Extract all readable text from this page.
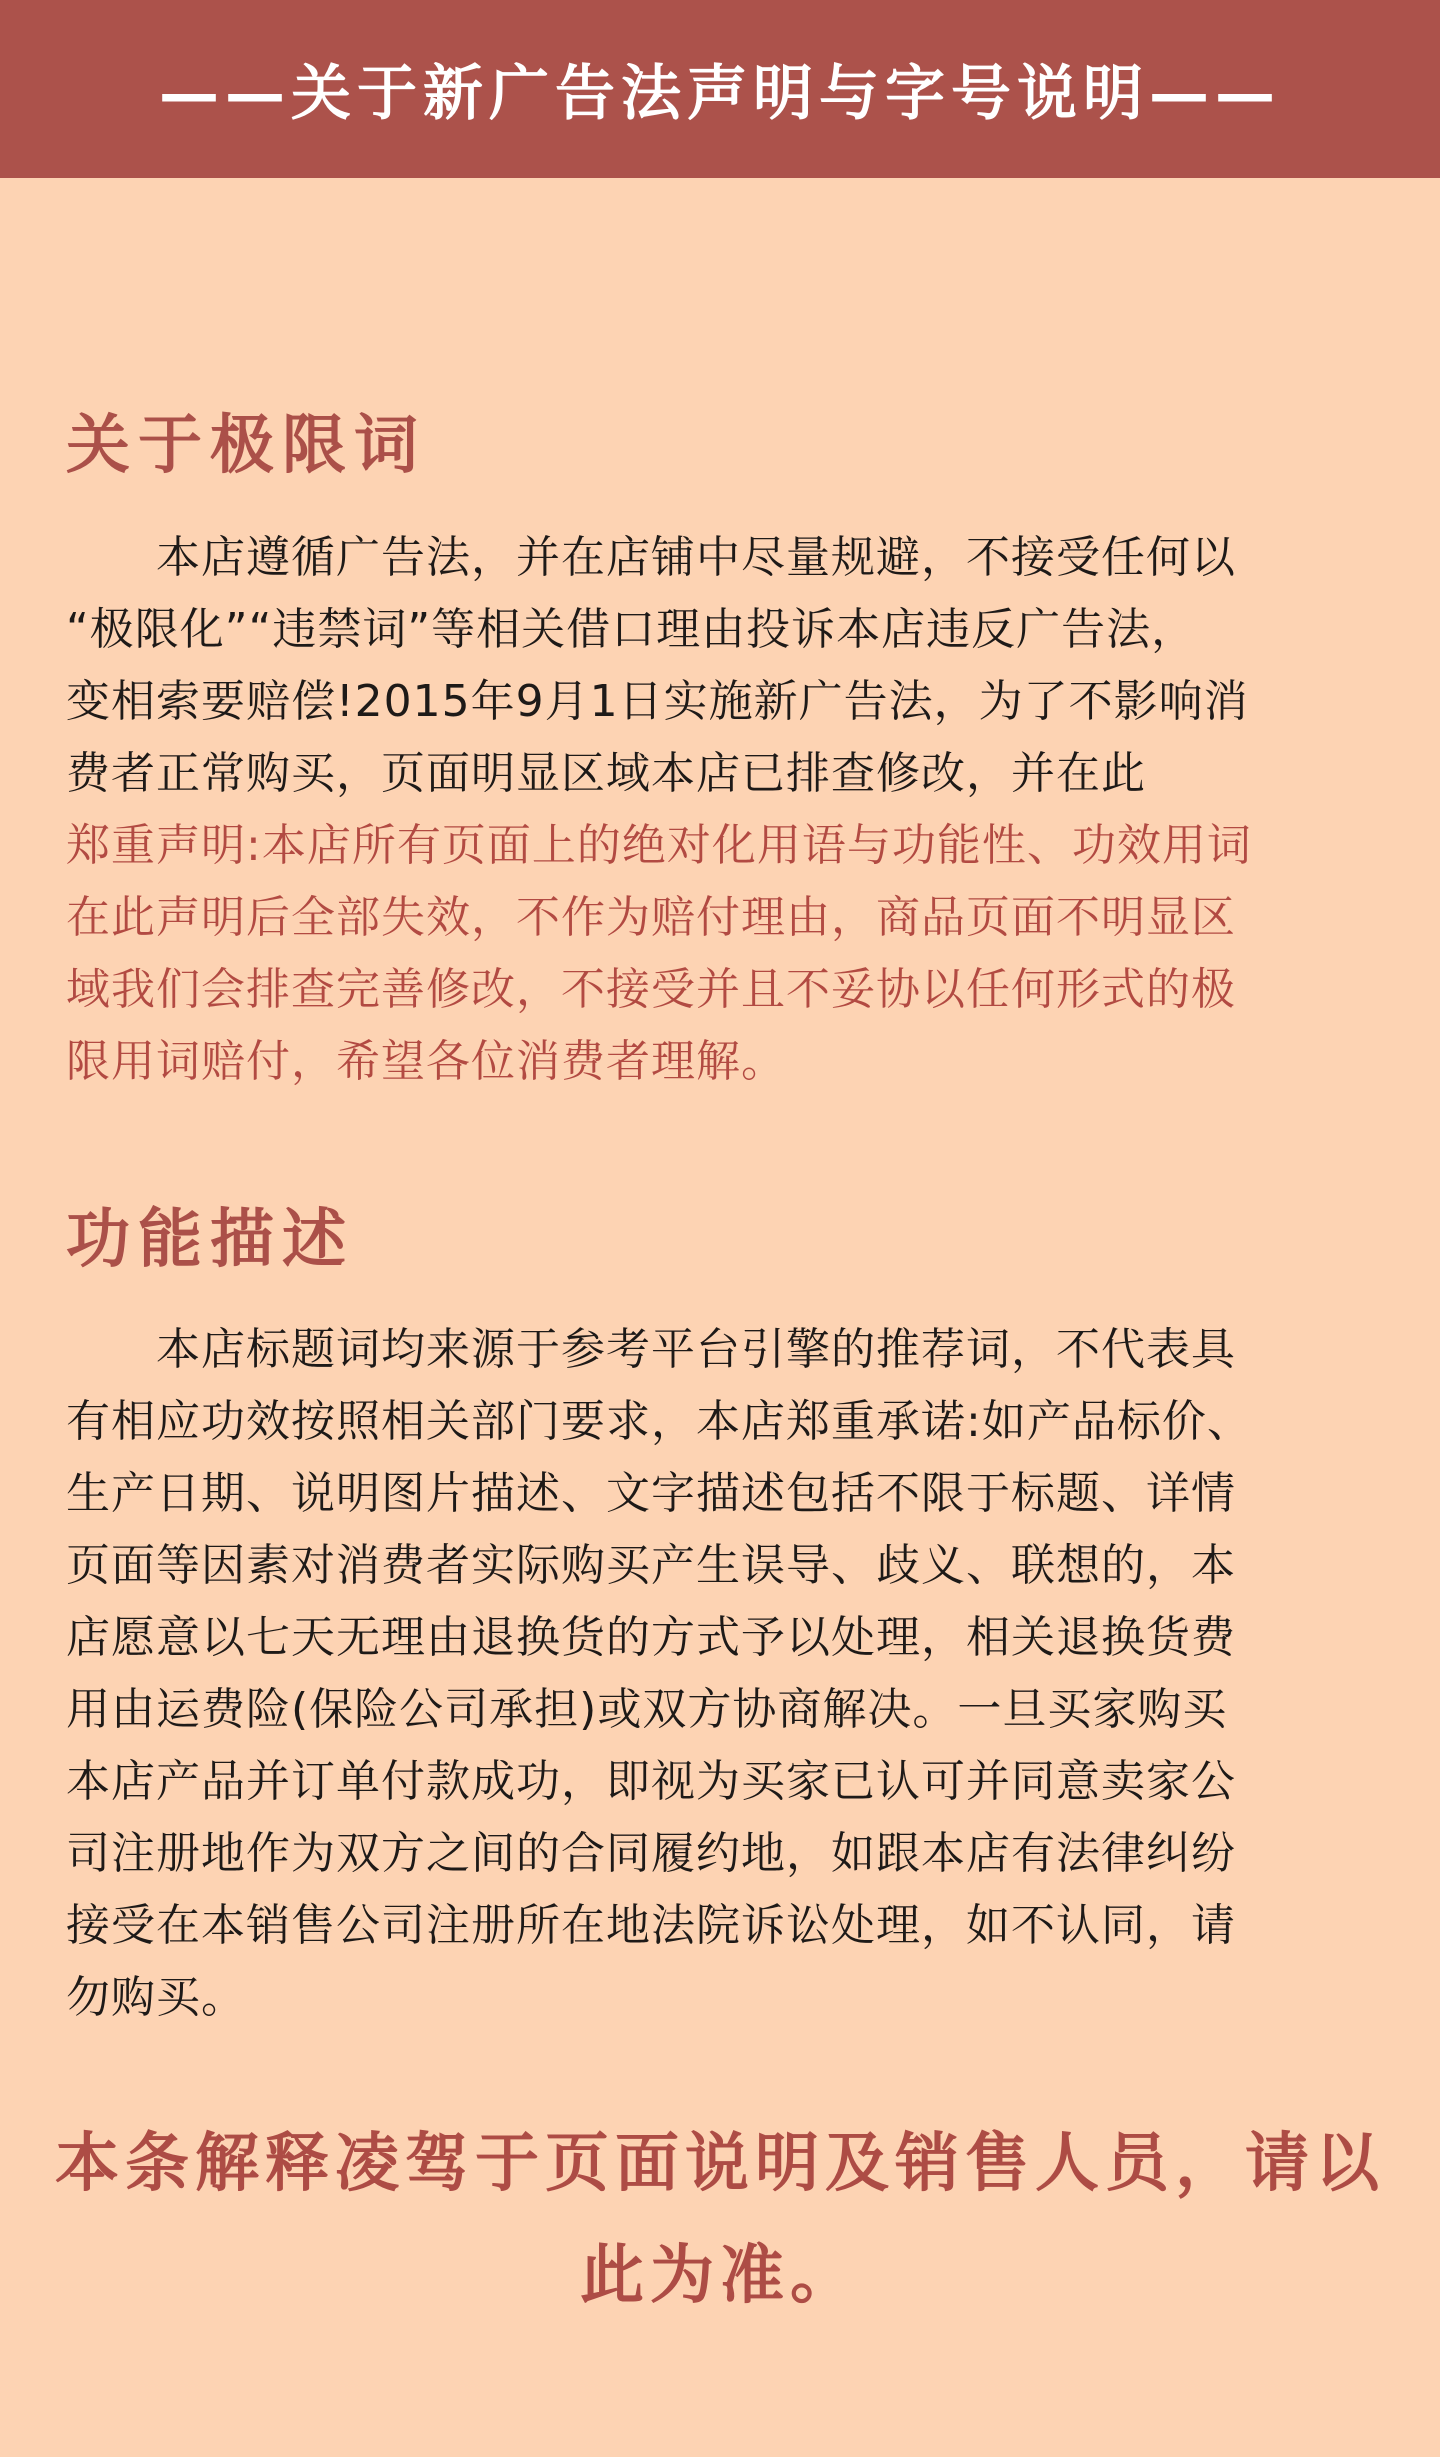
——关于新广告法声明与字号说明——
关于极限词
　　本店遵循广告法，并在店铺中尽量规避，不接受任何以
“极限化”“违禁词”等相关借口理由投诉本店违反广告法，
变相索要赔偿!2015年9月1日实施新广告法，为了不影响消
费者正常购买，页面明显区域本店已排查修改，并在此
郑重声明:本店所有页面上的绝对化用语与功能性、功效用词
在此声明后全部失效，不作为赔付理由，商品页面不明显区
域我们会排查完善修改，不接受并且不妥协以任何形式的极
限用词赔付，希望各位消费者理解。
功能描述
　　本店标题词均来源于参考平台引擎的推荐词，不代表具
有相应功效按照相关部门要求，本店郑重承诺:如产品标价、
生产日期、说明图片描述、文字描述包括不限于标题、详情
页面等因素对消费者实际购买产生误导、歧义、联想的，本
店愿意以七天无理由退换货的方式予以处理，相关退换货费
用由运费险(保险公司承担)或双方协商解决。一旦买家购买
本店产品并订单付款成功，即视为买家已认可并同意卖家公
司注册地作为双方之间的合同履约地，如跟本店有法律纠纷
接受在本销售公司注册所在地法院诉讼处理，如不认同，请
勿购买。
本条解释凌驾于页面说明及销售人员，请以
此为准。
